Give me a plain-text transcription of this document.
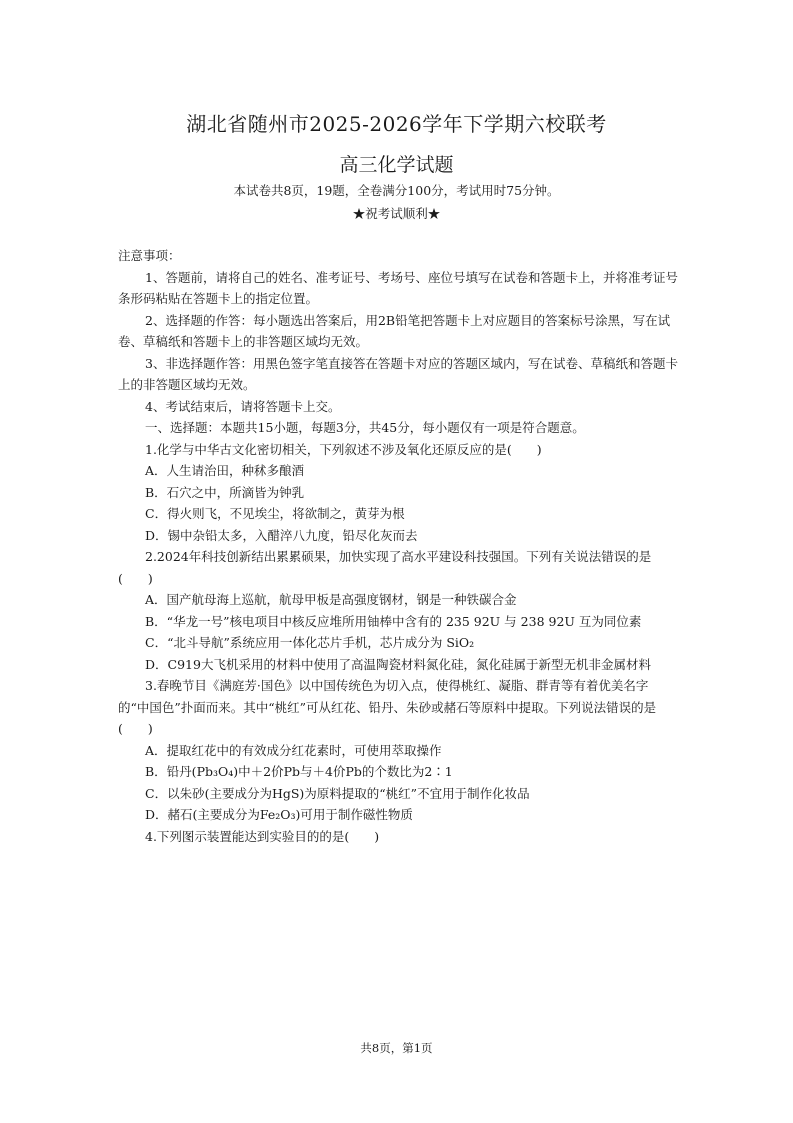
湖北省随州市2025-2026学年下学期六校联考
高三化学试题
本试卷共8页，19题，全卷满分100分，考试用时75分钟。
★祝考试顺利★

注意事项：

1、答题前，请将自己的姓名、准考证号、考场号、座位号填写在试卷和答题卡上，并将准考证号条形码粘贴在答题卡上的指定位置。

2、选择题的作答：每小题选出答案后，用2B铅笔把答题卡上对应题目的答案标号涂黑，写在试卷、草稿纸和答题卡上的非答题区域均无效。

3、非选择题作答：用黑色签字笔直接答在答题卡对应的答题区域内，写在试卷、草稿纸和答题卡上的非答题区域均无效。

4、考试结束后，请将答题卡上交。

一、选择题：本题共15小题，每题3分，共45分，每小题仅有一项是符合题意。

1.化学与中华古文化密切相关，下列叙述不涉及氧化还原反应的是(　　)

A．人生请治田，种秫多酿酒

B．石穴之中，所滴皆为钟乳

C．得火则飞，不见埃尘，将欲制之，黄芽为根

D．锡中杂铅太多，入醋淬八九度，铅尽化灰而去

2.2024年科技创新结出累累硕果，加快实现了高水平建设科技强国。下列有关说法错误的是(　　)

A．国产航母海上巡航，航母甲板是高强度钢材，钢是一种铁碳合金

B．“华龙一号”核电项目中核反应堆所用铀棒中含有的 235 92U 与 238 92U 互为同位素

C．“北斗导航”系统应用一体化芯片手机，芯片成分为 SiO₂

D．C919大飞机采用的材料中使用了高温陶瓷材料氮化硅，氮化硅属于新型无机非金属材料

3.春晚节目《满庭芳·国色》以中国传统色为切入点，使得桃红、凝脂、群青等有着优美名字的“中国色”扑面而来。其中“桃红”可从红花、铅丹、朱砂或赭石等原料中提取。下列说法错误的是(　　)

A．提取红花中的有效成分红花素时，可使用萃取操作

B．铅丹(Pb₃O₄)中＋2价Pb与＋4价Pb的个数比为2∶1

C．以朱砂(主要成分为HgS)为原料提取的“桃红”不宜用于制作化妆品

D．赭石(主要成分为Fe₂O₃)可用于制作磁性物质

4.下列图示装置能达到实验目的的是(　　)

共8页，第1页
